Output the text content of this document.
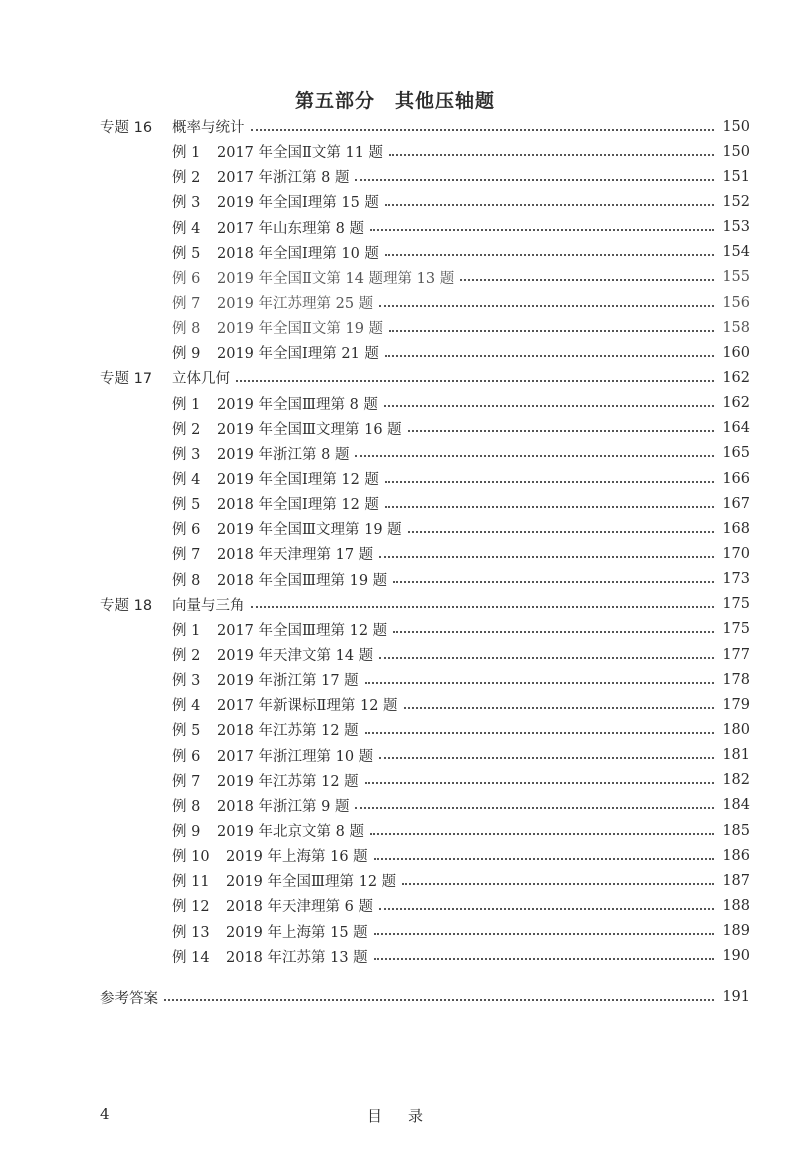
第五部分　其他压轴题
专题 16 概率与统计	150
例 1 2017 年全国Ⅱ文第 11 题	150
例 2 2017 年浙江第 8 题	151
例 3 2019 年全国Ⅰ理第 15 题	152
例 4 2017 年山东理第 8 题	153
例 5 2018 年全国Ⅰ理第 10 题	154
例 6 2019 年全国Ⅱ文第 14 题理第 13 题	155
例 7 2019 年江苏理第 25 题	156
例 8 2019 年全国Ⅱ文第 19 题	158
例 9 2019 年全国Ⅰ理第 21 题	160
专题 17 立体几何	162
例 1 2019 年全国Ⅲ理第 8 题	162
例 2 2019 年全国Ⅲ文理第 16 题	164
例 3 2019 年浙江第 8 题	165
例 4 2019 年全国Ⅰ理第 12 题	166
例 5 2018 年全国Ⅰ理第 12 题	167
例 6 2019 年全国Ⅲ文理第 19 题	168
例 7 2018 年天津理第 17 题	170
例 8 2018 年全国Ⅲ理第 19 题	173
专题 18 向量与三角	175
例 1 2017 年全国Ⅲ理第 12 题	175
例 2 2019 年天津文第 14 题	177
例 3 2019 年浙江第 17 题	178
例 4 2017 年新课标Ⅱ理第 12 题	179
例 5 2018 年江苏第 12 题	180
例 6 2017 年浙江理第 10 题	181
例 7 2019 年江苏第 12 题	182
例 8 2018 年浙江第 9 题	184
例 9 2019 年北京文第 8 题	185
例 10 2019 年上海第 16 题	186
例 11 2019 年全国Ⅲ理第 12 题	187
例 12 2018 年天津理第 6 题	188
例 13 2019 年上海第 15 题	189
例 14 2018 年江苏第 13 题	190
参考答案	191
4	目录
